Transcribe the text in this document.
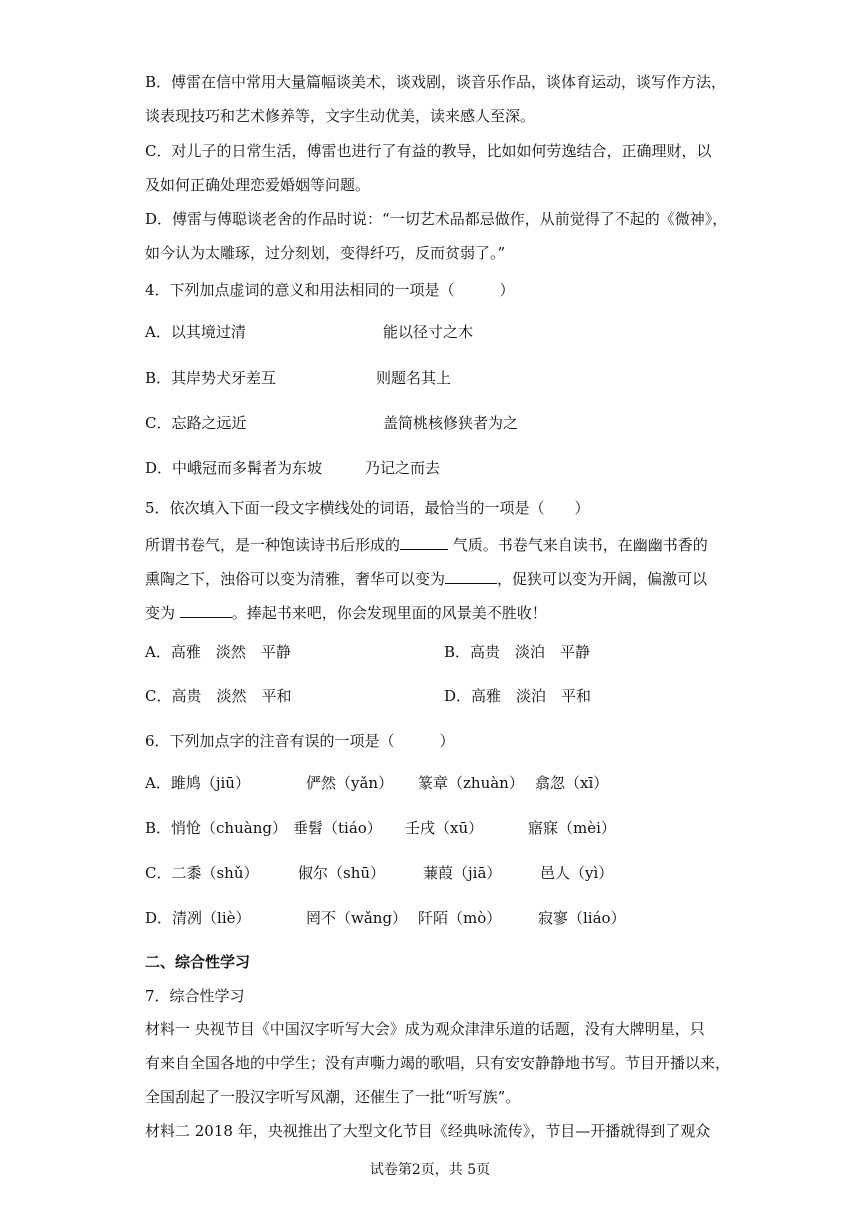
B．傅雷在信中常用大量篇幅谈美术，谈戏剧，谈音乐作品，谈体育运动，谈写作方法，
谈表现技巧和艺术修养等，文字生动优美，读来感人至深。
C．对儿子的日常生活，傅雷也进行了有益的教导，比如如何劳逸结合，正确理财，以
及如何正确处理恋爱婚姻等问题。
D．傅雷与傅聪谈老舍的作品时说：“一切艺术品都忌做作，从前觉得了不起的《微神》，
如今认为太雕琢，过分刻划，变得纤巧，反而贫弱了。”
4．下列加点虚词的意义和用法相同的一项是（　　　）
A．以其境过清	能以径寸之木
B．其岸势犬牙差互	则题名其上
C．忘路之远近	盖简桃核修狭者为之
D．中峨冠而多髯者为东坡	乃记之而去
5．依次填入下面一段文字横线处的词语，最恰当的一项是（　　）
所谓书卷气，是一种饱读诗书后形成的	气质。书卷气来自读书，在幽幽书香的
熏陶之下，浊俗可以变为清雅，奢华可以变为	，促狭可以变为开阔，偏激可以
变为	。捧起书来吧，你会发现里面的风景美不胜收！
A．高雅　淡然　平静	B．高贵　淡泊　平静
C．高贵　淡然　平和	D．高雅　淡泊　平和
6．下列加点字的注音有误的一项是（　　　）
A．雎鸠（jiū）	俨然（yǎn） 篆章（zhuàn） 翕忽（xī）
B．悄怆（chuàng） 垂髫（tiáo） 壬戌（xū）	寤寐（mèi）
C．二黍（shǔ）	俶尔（shū）	蒹葭（jiā）	邑人（yì）
D．清冽（liè）	罔不（wǎng） 阡陌（mò） 寂寥（liáo）
二、综合性学习
7．综合性学习
材料一 央视节目《中国汉字听写大会》成为观众津津乐道的话题，没有大牌明星，只
有来自全国各地的中学生；没有声嘶力竭的歌唱，只有安安静静地书写。节目开播以来，
全国刮起了一股汉字听写风潮，还催生了一批“听写族”。
材料二 2018 年，央视推出了大型文化节目《经典咏流传》，节目—开播就得到了观众
试卷第2页，共 5页
